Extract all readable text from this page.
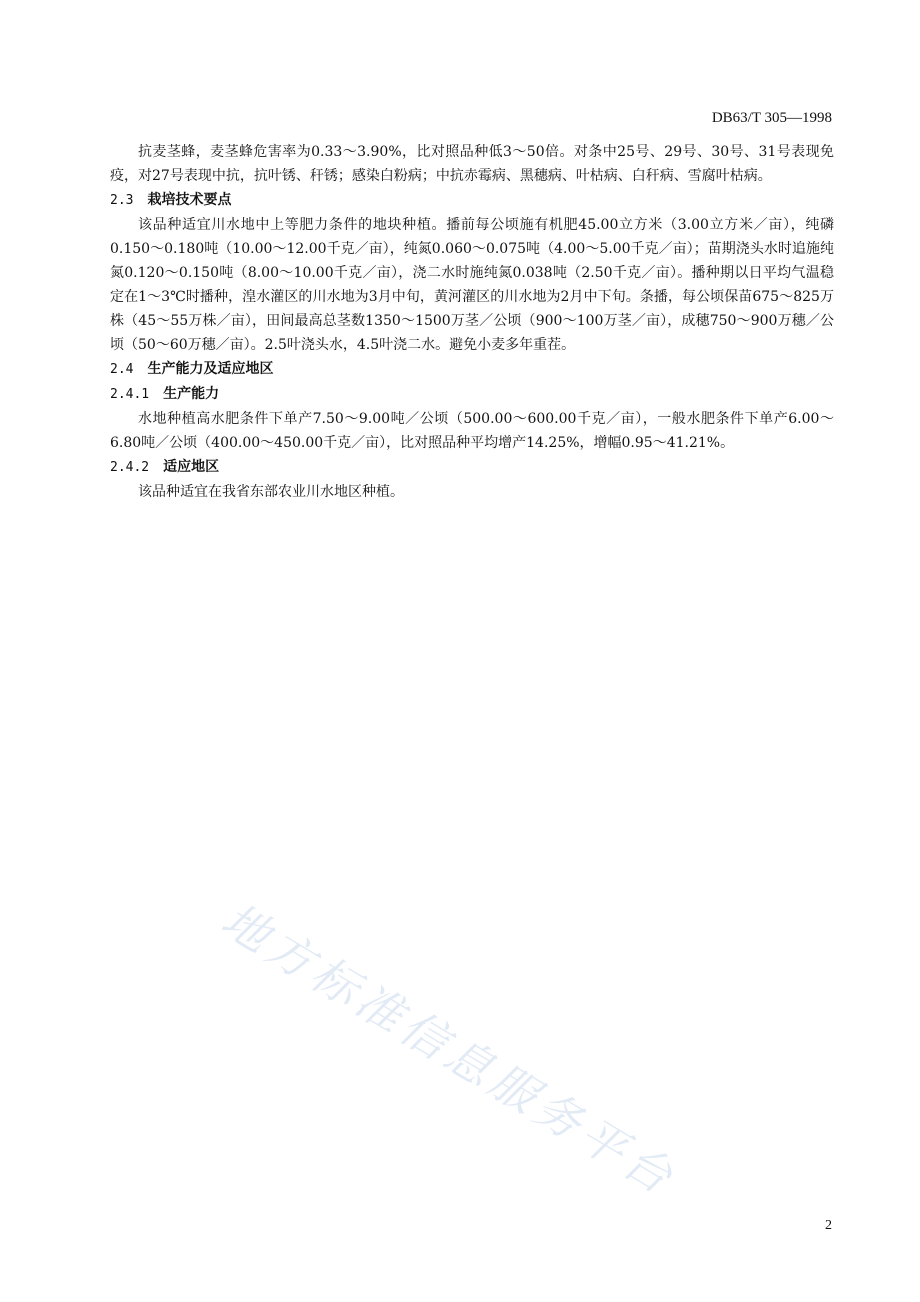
DB63/T 305—1998

抗麦茎蜂，麦茎蜂危害率为0.33～3.90%，比对照品种低3～50倍。对条中25号、29号、30号、31号表现免疫，对27号表现中抗，抗叶锈、秆锈；感染白粉病；中抗赤霉病、黑穗病、叶枯病、白秆病、雪腐叶枯病。

2.3 栽培技术要点

该品种适宜川水地中上等肥力条件的地块种植。播前每公顷施有机肥45.00立方米（3.00立方米／亩），纯磷0.150～0.180吨（10.00～12.00千克／亩），纯氮0.060～0.075吨（4.00～5.00千克／亩）；苗期浇头水时追施纯氮0.120～0.150吨（8.00～10.00千克／亩），浇二水时施纯氮0.038吨（2.50千克／亩）。播种期以日平均气温稳定在1～3℃时播种，湟水灌区的川水地为3月中旬，黄河灌区的川水地为2月中下旬。条播，每公顷保苗675～825万株（45～55万株／亩），田间最高总茎数1350～1500万茎／公顷（900～100万茎／亩），成穗750～900万穗／公顷（50～60万穗／亩）。2.5叶浇头水，4.5叶浇二水。避免小麦多年重茬。

2.4 生产能力及适应地区
2.4.1 生产能力

水地种植高水肥条件下单产7.50～9.00吨／公顷（500.00～600.00千克／亩），一般水肥条件下单产6.00～ 6.80吨／公顷（400.00～450.00千克／亩），比对照品种平均增产14.25%，增幅0.95～41.21%。

2.4.2 适应地区

该品种适宜在我省东部农业川水地区种植。

地方标准信息服务平台
2
